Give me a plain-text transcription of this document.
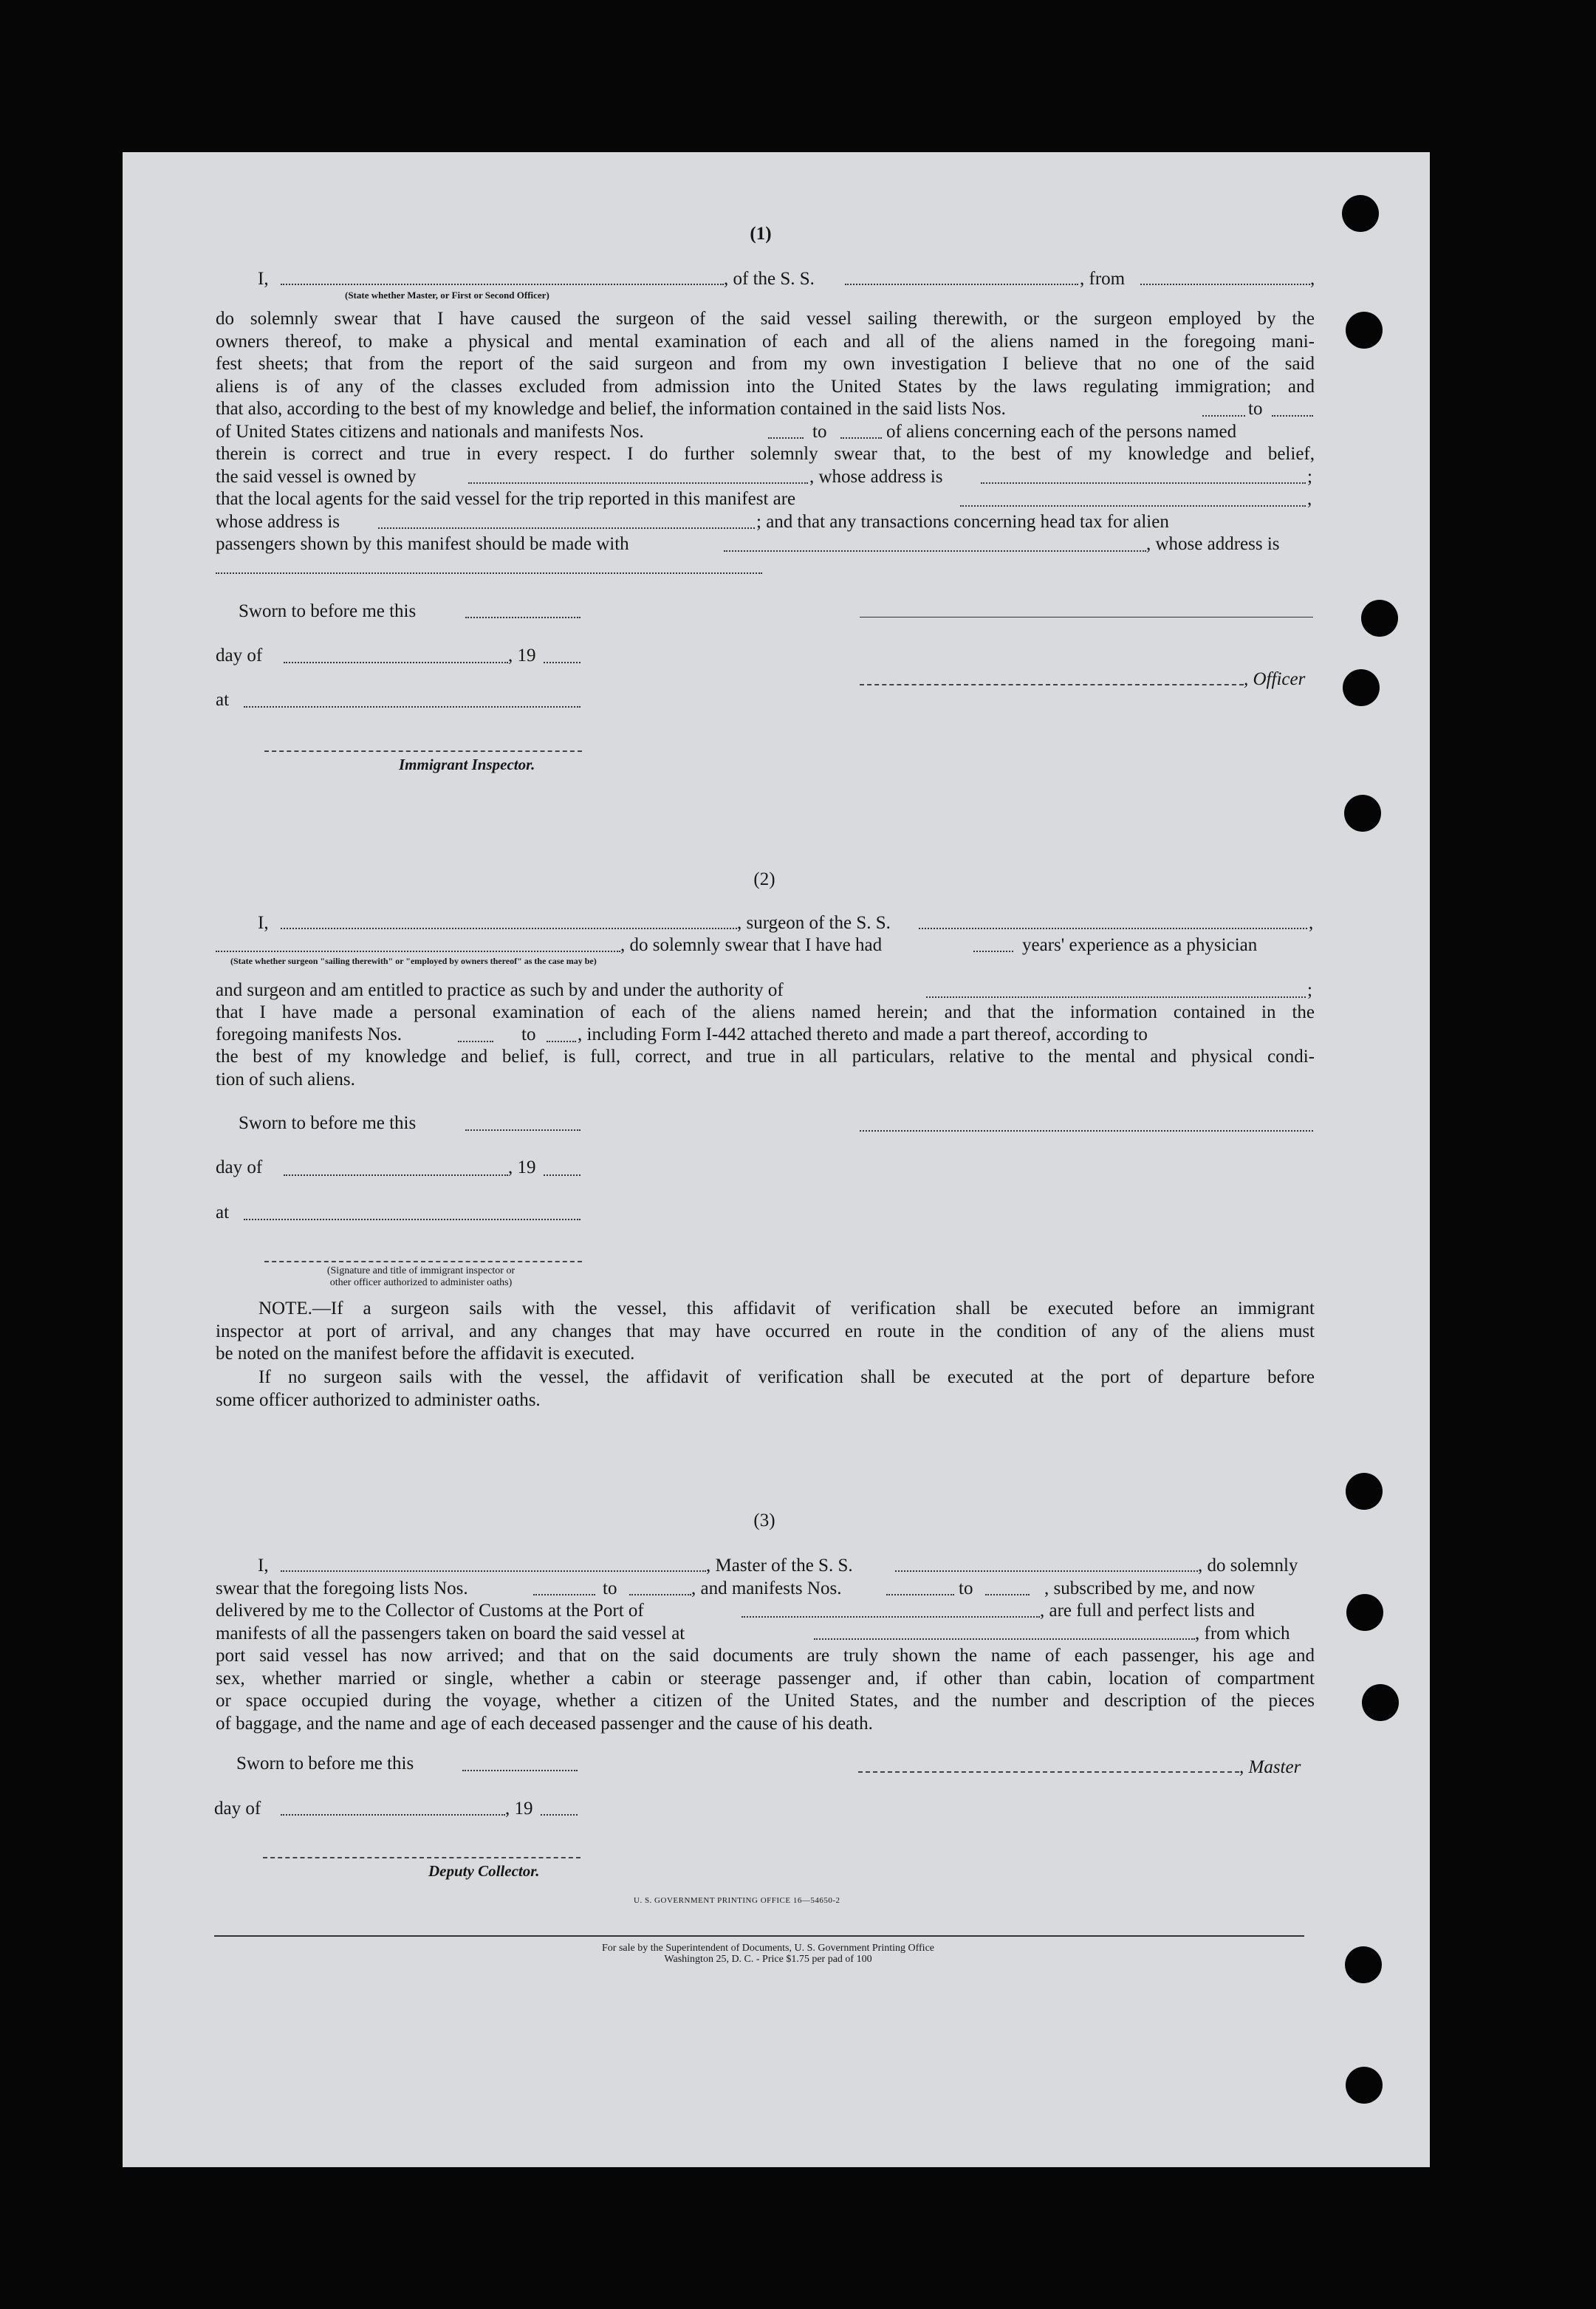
(1)
I,	, of the S. S.	, from	,
(State whether Master, or First or Second Officer)

do solemnly swear that I have caused the surgeon of the said vessel sailing therewith, or the surgeon employed by the

owners thereof, to make a physical and mental examination of each and all of the aliens named in the foregoing mani-

fest sheets; that from the report of the said surgeon and from my own investigation I believe that no one of the said

aliens is of any of the classes excluded from admission into the United States by the laws regulating immigration; and

that also, according to the best of my knowledge and belief, the information contained in the said lists Nos.	to
of United States citizens and nationals and manifests Nos.	to	of aliens concerning each of the persons named

therein is correct and true in every respect. I do further solemnly swear that, to the best of my knowledge and belief,

the said vessel is owned by	, whose address is	;
that the local agents for the said vessel for the trip reported in this manifest are	,
whose address is	; and that any transactions concerning head tax for alien
passengers shown by this manifest should be made with	, whose address is
Sworn to before me this
day of	, 19
, Officer
at
Immigrant Inspector.
(2)
I,	, surgeon of the S. S.	,
, do solemnly swear that I have had	years' experience as a physician
(State whether surgeon "sailing therewith" or "employed by owners thereof" as the case may be)
and surgeon and am entitled to practice as such by and under the authority of	;

that I have made a personal examination of each of the aliens named herein; and that the information contained in the

foregoing manifests Nos.	to , including Form I-442 attached thereto and made a part thereof, according to

the best of my knowledge and belief, is full, correct, and true in all particulars, relative to the mental and physical condi-

tion of such aliens.

Sworn to before me this
day of	, 19
at
(Signature and title of immigrant inspector or
other officer authorized to administer oaths)

NOTE.—If a surgeon sails with the vessel, this affidavit of verification shall be executed before an immigrant

inspector at port of arrival, and any changes that may have occurred en route in the condition of any of the aliens must

be noted on the manifest before the affidavit is executed.

If no surgeon sails with the vessel, the affidavit of verification shall be executed at the port of departure before

some officer authorized to administer oaths.

(3)
I,	, Master of the S. S.	, do solemnly
swear that the foregoing lists Nos.	to	, and manifests Nos.	to	, subscribed by me, and now
delivered by me to the Collector of Customs at the Port of	, are full and perfect lists and
manifests of all the passengers taken on board the said vessel at	, from which

port said vessel has now arrived; and that on the said documents are truly shown the name of each passenger, his age and

sex, whether married or single, whether a cabin or steerage passenger and, if other than cabin, location of compartment

or space occupied during the voyage, whether a citizen of the United States, and the number and description of the pieces

of baggage, and the name and age of each deceased passenger and the cause of his death.

Sworn to before me this	, Master
day of	, 19
Deputy Collector.
U. S. GOVERNMENT PRINTING OFFICE 16—54650-2
For sale by the Superintendent of Documents, U. S. Government Printing Office
Washington 25, D. C. - Price $1.75 per pad of 100
